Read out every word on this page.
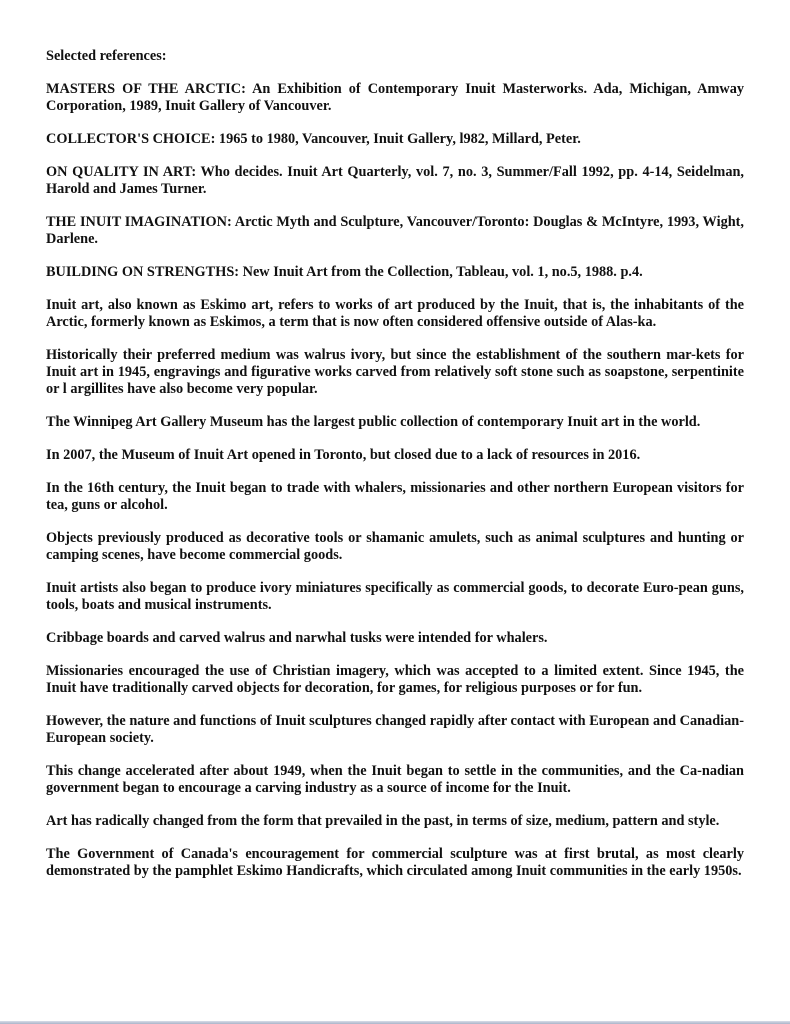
Selected references:

MASTERS OF THE ARCTIC: An Exhibition of Contemporary Inuit Masterworks. Ada, Michigan, Amway Corporation, 1989, Inuit Gallery of Vancouver.

COLLECTOR'S CHOICE: 1965 to 1980, Vancouver, Inuit Gallery, l982, Millard, Peter.

ON QUALITY IN ART: Who decides. Inuit Art Quarterly, vol. 7, no. 3, Summer/Fall 1992, pp. 4-14, Seidelman, Harold and James Turner.

THE INUIT IMAGINATION: Arctic Myth and Sculpture, Vancouver/Toronto: Douglas & McIntyre, 1993, Wight, Darlene.

BUILDING ON STRENGTHS: New Inuit Art from the Collection, Tableau, vol. 1, no.5, 1988. p.4.

Inuit art, also known as Eskimo art, refers to works of art produced by the Inuit, that is, the inhabitants of the Arctic, formerly known as Eskimos, a term that is now often considered offensive outside of Alas-ka.

Historically their preferred medium was walrus ivory, but since the establishment of the southern mar-kets for Inuit art in 1945, engravings and figurative works carved from relatively soft stone such as soapstone, serpentinite or l argillites have also become very popular.

The Winnipeg Art Gallery Museum has the largest public collection of contemporary Inuit art in the world.

In 2007, the Museum of Inuit Art opened in Toronto, but closed due to a lack of resources in 2016.

In the 16th century, the Inuit began to trade with whalers, missionaries and other northern European visitors for tea, guns or alcohol.

Objects previously produced as decorative tools or shamanic amulets, such as animal sculptures and hunting or camping scenes, have become commercial goods.

Inuit artists also began to produce ivory miniatures specifically as commercial goods, to decorate Euro-pean guns, tools, boats and musical instruments.

Cribbage boards and carved walrus and narwhal tusks were intended for whalers.

Missionaries encouraged the use of Christian imagery, which was accepted to a limited extent. Since 1945, the Inuit have traditionally carved objects for decoration, for games, for religious purposes or for fun.

However, the nature and functions of Inuit sculptures changed rapidly after contact with European and Canadian-European society.

This change accelerated after about 1949, when the Inuit began to settle in the communities, and the Ca-nadian government began to encourage a carving industry as a source of income for the Inuit.

Art has radically changed from the form that prevailed in the past, in terms of size, medium, pattern and style.

The Government of Canada's encouragement for commercial sculpture was at first brutal, as most clearly demonstrated by the pamphlet Eskimo Handicrafts, which circulated among Inuit communities in the early 1950s.
